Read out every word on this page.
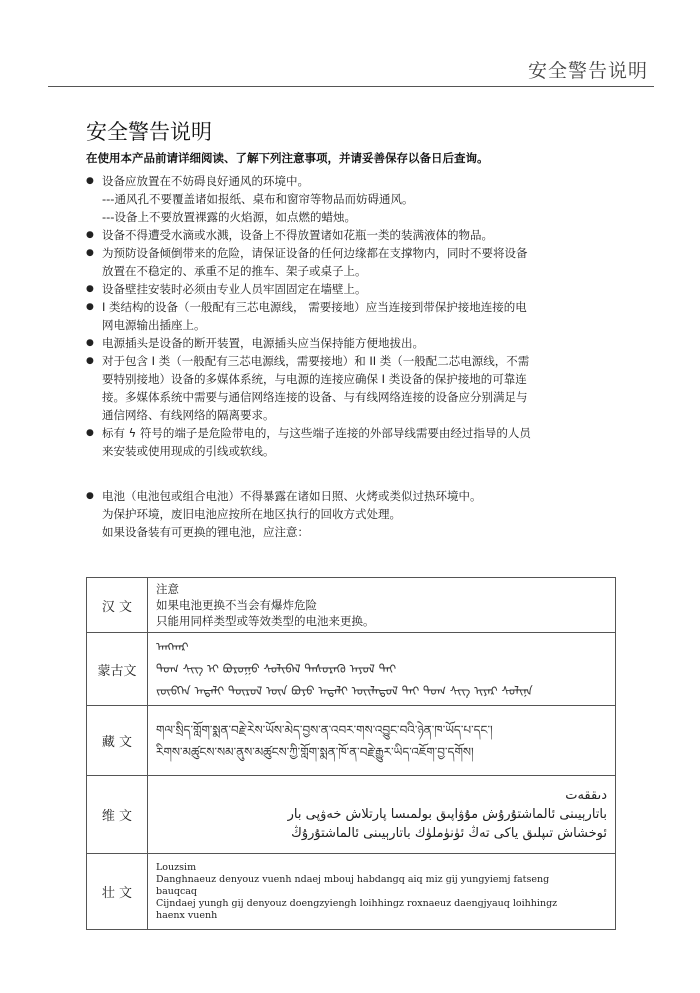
安全警告说明
安全警告说明
在使用本产品前请详细阅读、了解下列注意事项，并请妥善保存以备日后查询。
● 设备应放置在不妨碍良好通风的环境中。
---通风孔不要覆盖诸如报纸、桌布和窗帘等物品而妨碍通风。
---设备上不要放置裸露的火焰源，如点燃的蜡烛。
● 设备不得遭受水滴或水溅，设备上不得放置诸如花瓶一类的装满液体的物品。
● 为预防设备倾倒带来的危险，请保证设备的任何边缘都在支撑物内，同时不要将设备
放置在不稳定的、承重不足的推车、架子或桌子上。
● 设备壁挂安装时必须由专业人员牢固固定在墙壁上。
● I 类结构的设备（一般配有三芯电源线， 需要接地）应当连接到带保护接地连接的电
网电源输出插座上。
● 电源插头是设备的断开装置，电源插头应当保持能方便地拔出。
● 对于包含 I 类（一般配有三芯电源线，需要接地）和 II 类（一般配二芯电源线，不需
要特别接地）设备的多媒体系统，与电源的连接应确保 I 类设备的保护接地的可靠连
接。多媒体系统中需要与通信网络连接的设备、与有线网络连接的设备应分别满足与
通信网络、有线网络的隔离要求。
● 标有 ϟ 符号的端子是危险带电的，与这些端子连接的外部导线需要由经过指导的人员
来安装或使用现成的引线或软线。
● 电池（电池包或组合电池）不得暴露在诸如日照、火烤或类似过热环境中。
为保护环境，废旧电池应按所在地区执行的回收方式处理。
如果设备装有可更换的锂电池，应注意：
汉 文	注意
如果电池更换不当会有爆炸危险
只能用同样类型或等效类型的电池来更换。

蒙古文	ᠠᠩᠬᠠᠷ
ᠲᠣᠭ ᠰᠢᠭ ᠢ ᠪᠤᠷᠤᠭᠤ ᠰᠣᠯᠢᠪᠠᠯ ᠲᠡᠰᠦᠷᠡᠬᠦ ᠠᠶᠤᠯ ᠲᠠᠢ
ᠵᠥᠪᠬᠡᠨ ᠠᠳᠠᠯᠢ ᠲᠥᠷᠥᠯ ᠦᠨ ᠪᠤᠶᠤ ᠠᠳᠠᠯᠢ ᠦᠢᠯᠡᠳᠦᠯ ᠲᠡᠢ ᠲᠣᠭ ᠰᠢᠭ ᠢᠶᠠᠷ ᠰᠣᠯᠢᠨᠠ

藏 文	གལ་སྲིད་གློག་སྨན་བརྗེ་རེས་ཡོས་མེད་བྱས་ན་འབར་གས་འབྱུང་བའི་ཉེན་ཁ་ཡོད་པ་དང་།
རིགས་མཚུངས་སམ་ནུས་མཚུངས་ཀྱི་གློག་སྨན་ཁོ་ན་བརྗེ་རྒྱུར་ཡིད་འཇོག་བྱ་དགོས།

维 文	دىققەت
باتارېيىنى ئالماشتۇرۇش مۇۋاپىق بولمىسا پارتلاش خەۋپى بار
ئوخشاش تىپلىق ياكى تەڭ ئۈنۈملۈك باتارېيىنى ئالماشتۇرۇڭ

壮 文	Louzsim
Danghnaeuz denyouz vuenh ndaej mbouj habdangq aiq miz gij yungyiemj fatseng
bauqcaq
Cijndaej yungh gij denyouz doengzyiengh loihhingz roxnaeuz daengjyauq loihhingz
haenx vuenh
